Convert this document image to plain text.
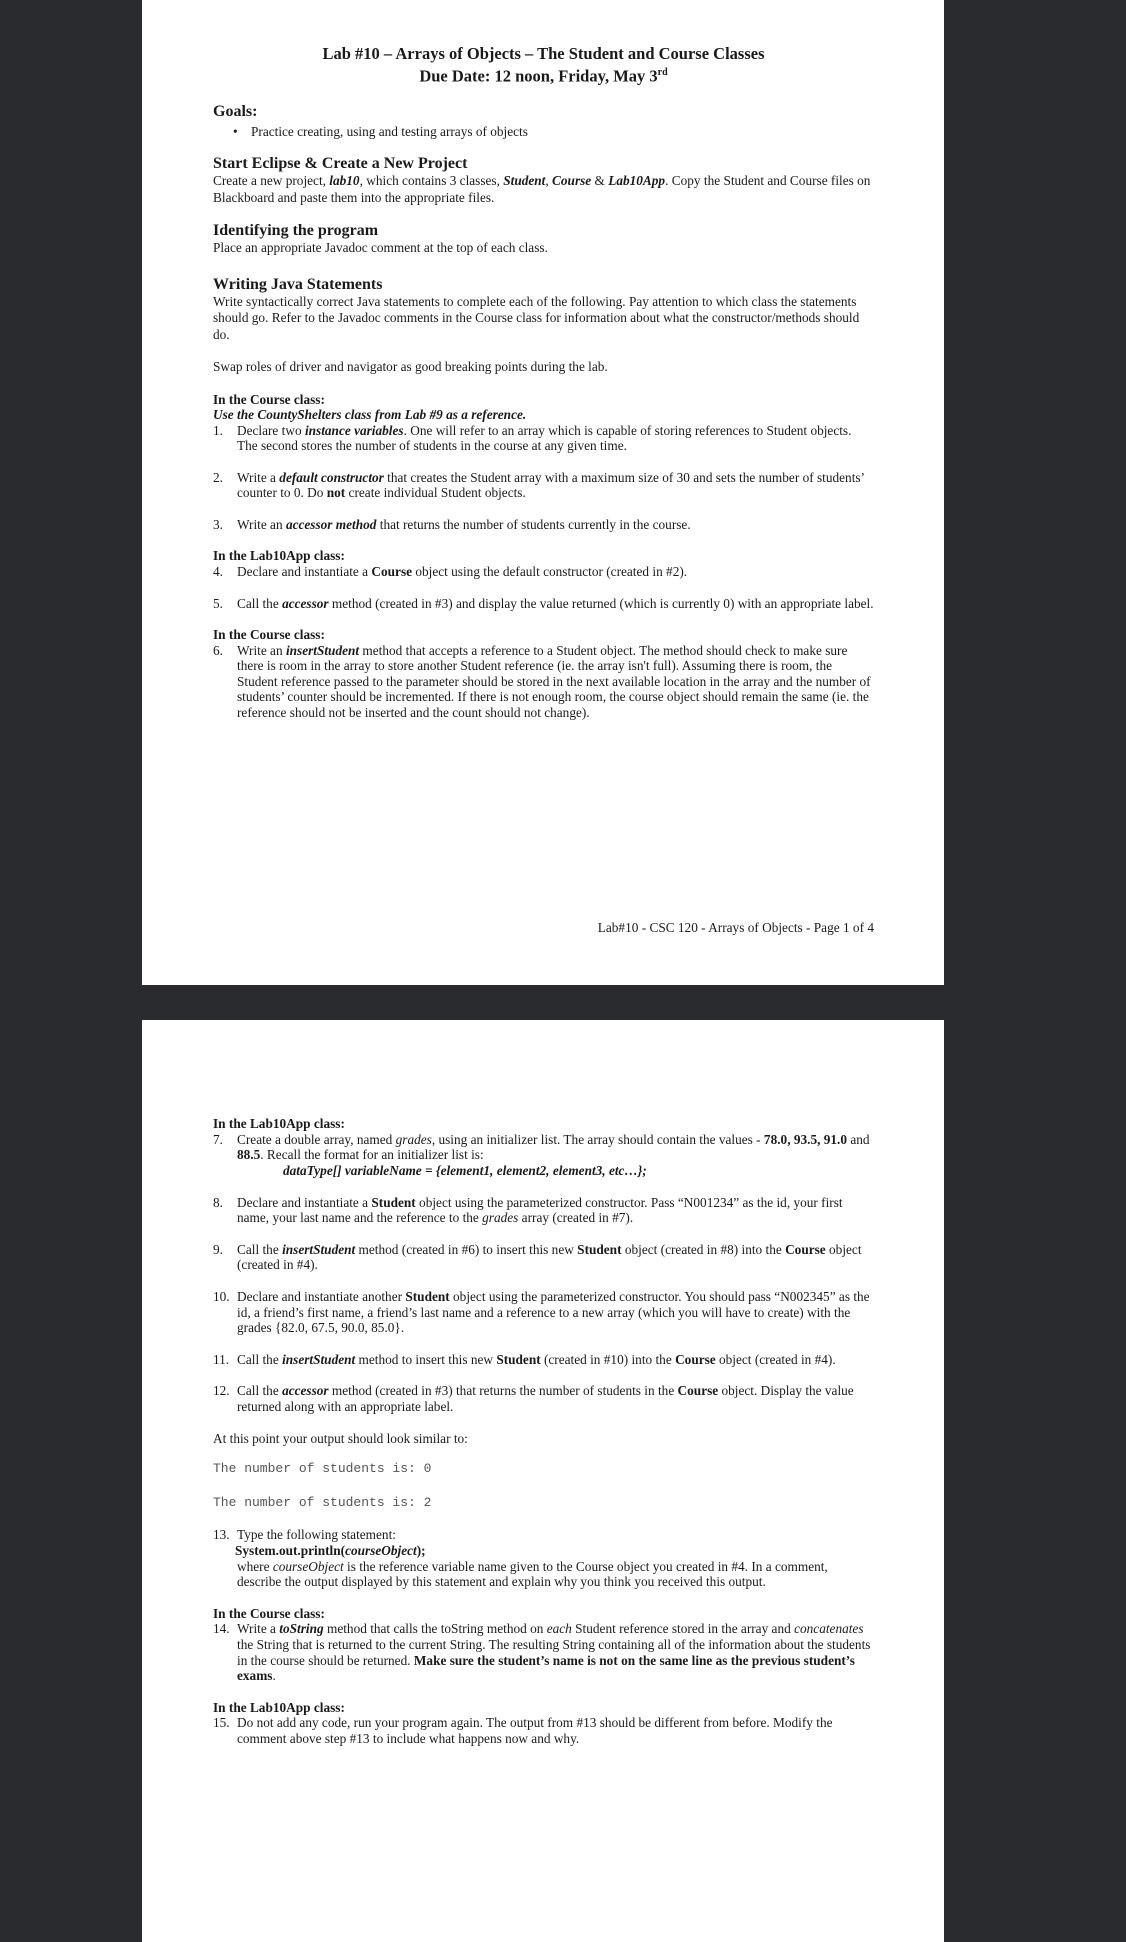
Lab #10 – Arrays of Objects – The Student and Course Classes
Due Date: 12 noon, Friday, May 3rd
Goals:
• Practice creating, using and testing arrays of objects
Start Eclipse & Create a New Project

Create a new project, lab10, which contains 3 classes, Student, Course & Lab10App. Copy the Student and Course files on Blackboard and paste them into the appropriate files.

Identifying the program

Place an appropriate Javadoc comment at the top of each class.

Writing Java Statements

Write syntactically correct Java statements to complete each of the following. Pay attention to which class the statements should go. Refer to the Javadoc comments in the Course class for information about what the constructor/methods should do.

Swap roles of driver and navigator as good breaking points during the lab.

In the Course class:
Use the CountyShelters class from Lab #9 as a reference.
1.	Declare two instance variables. One will refer to an array which is capable of storing references to Student objects. The second stores the number of students in the course at any given time.
2.	Write a default constructor that creates the Student array with a maximum size of 30 and sets the number of students’ counter to 0. Do not create individual Student objects.
3.	Write an accessor method that returns the number of students currently in the course.
In the Lab10App class:
4.	Declare and instantiate a Course object using the default constructor (created in #2).
5.	Call the accessor method (created in #3) and display the value returned (which is currently 0) with an appropriate label.
In the Course class:
6.	Write an insertStudent method that accepts a reference to a Student object. The method should check to make sure there is room in the array to store another Student reference (ie. the array isn't full). Assuming there is room, the Student reference passed to the parameter should be stored in the next available location in the array and the number of students’ counter should be incremented. If there is not enough room, the course object should remain the same (ie. the reference should not be inserted and the count should not change).
Lab#10 - CSC 120 - Arrays of Objects - Page 1 of 4
In the Lab10App class:
7.	Create a double array, named grades, using an initializer list. The array should contain the values - 78.0, 93.5, 91.0 and 88.5. Recall the format for an initializer list is:
dataType[] variableName = {element1, element2, element3, etc…};
8.	Declare and instantiate a Student object using the parameterized constructor. Pass “N001234” as the id, your first name, your last name and the reference to the grades array (created in #7).
9.	Call the insertStudent method (created in #6) to insert this new Student object (created in #8) into the Course object (created in #4).
10. Declare and instantiate another Student object using the parameterized constructor. You should pass “N002345” as the id, a friend’s first name, a friend’s last name and a reference to a new array (which you will have to create) with the grades {82.0, 67.5, 90.0, 85.0}.
11. Call the insertStudent method to insert this new Student (created in #10) into the Course object (created in #4).
12. Call the accessor method (created in #3) that returns the number of students in the Course object. Display the value returned along with an appropriate label.

At this point your output should look similar to:

The number of students is: 0
The number of students is: 2
13. Type the following statement:
System.out.println(courseObject);
where courseObject is the reference variable name given to the Course object you created in #4. In a comment, describe the output displayed by this statement and explain why you think you received this output.
In the Course class:
14. Write a toString method that calls the toString method on each Student reference stored in the array and concatenates the String that is returned to the current String. The resulting String containing all of the information about the students in the course should be returned. Make sure the student’s name is not on the same line as the previous student’s exams.
In the Lab10App class:
15. Do not add any code, run your program again. The output from #13 should be different from before. Modify the comment above step #13 to include what happens now and why.
